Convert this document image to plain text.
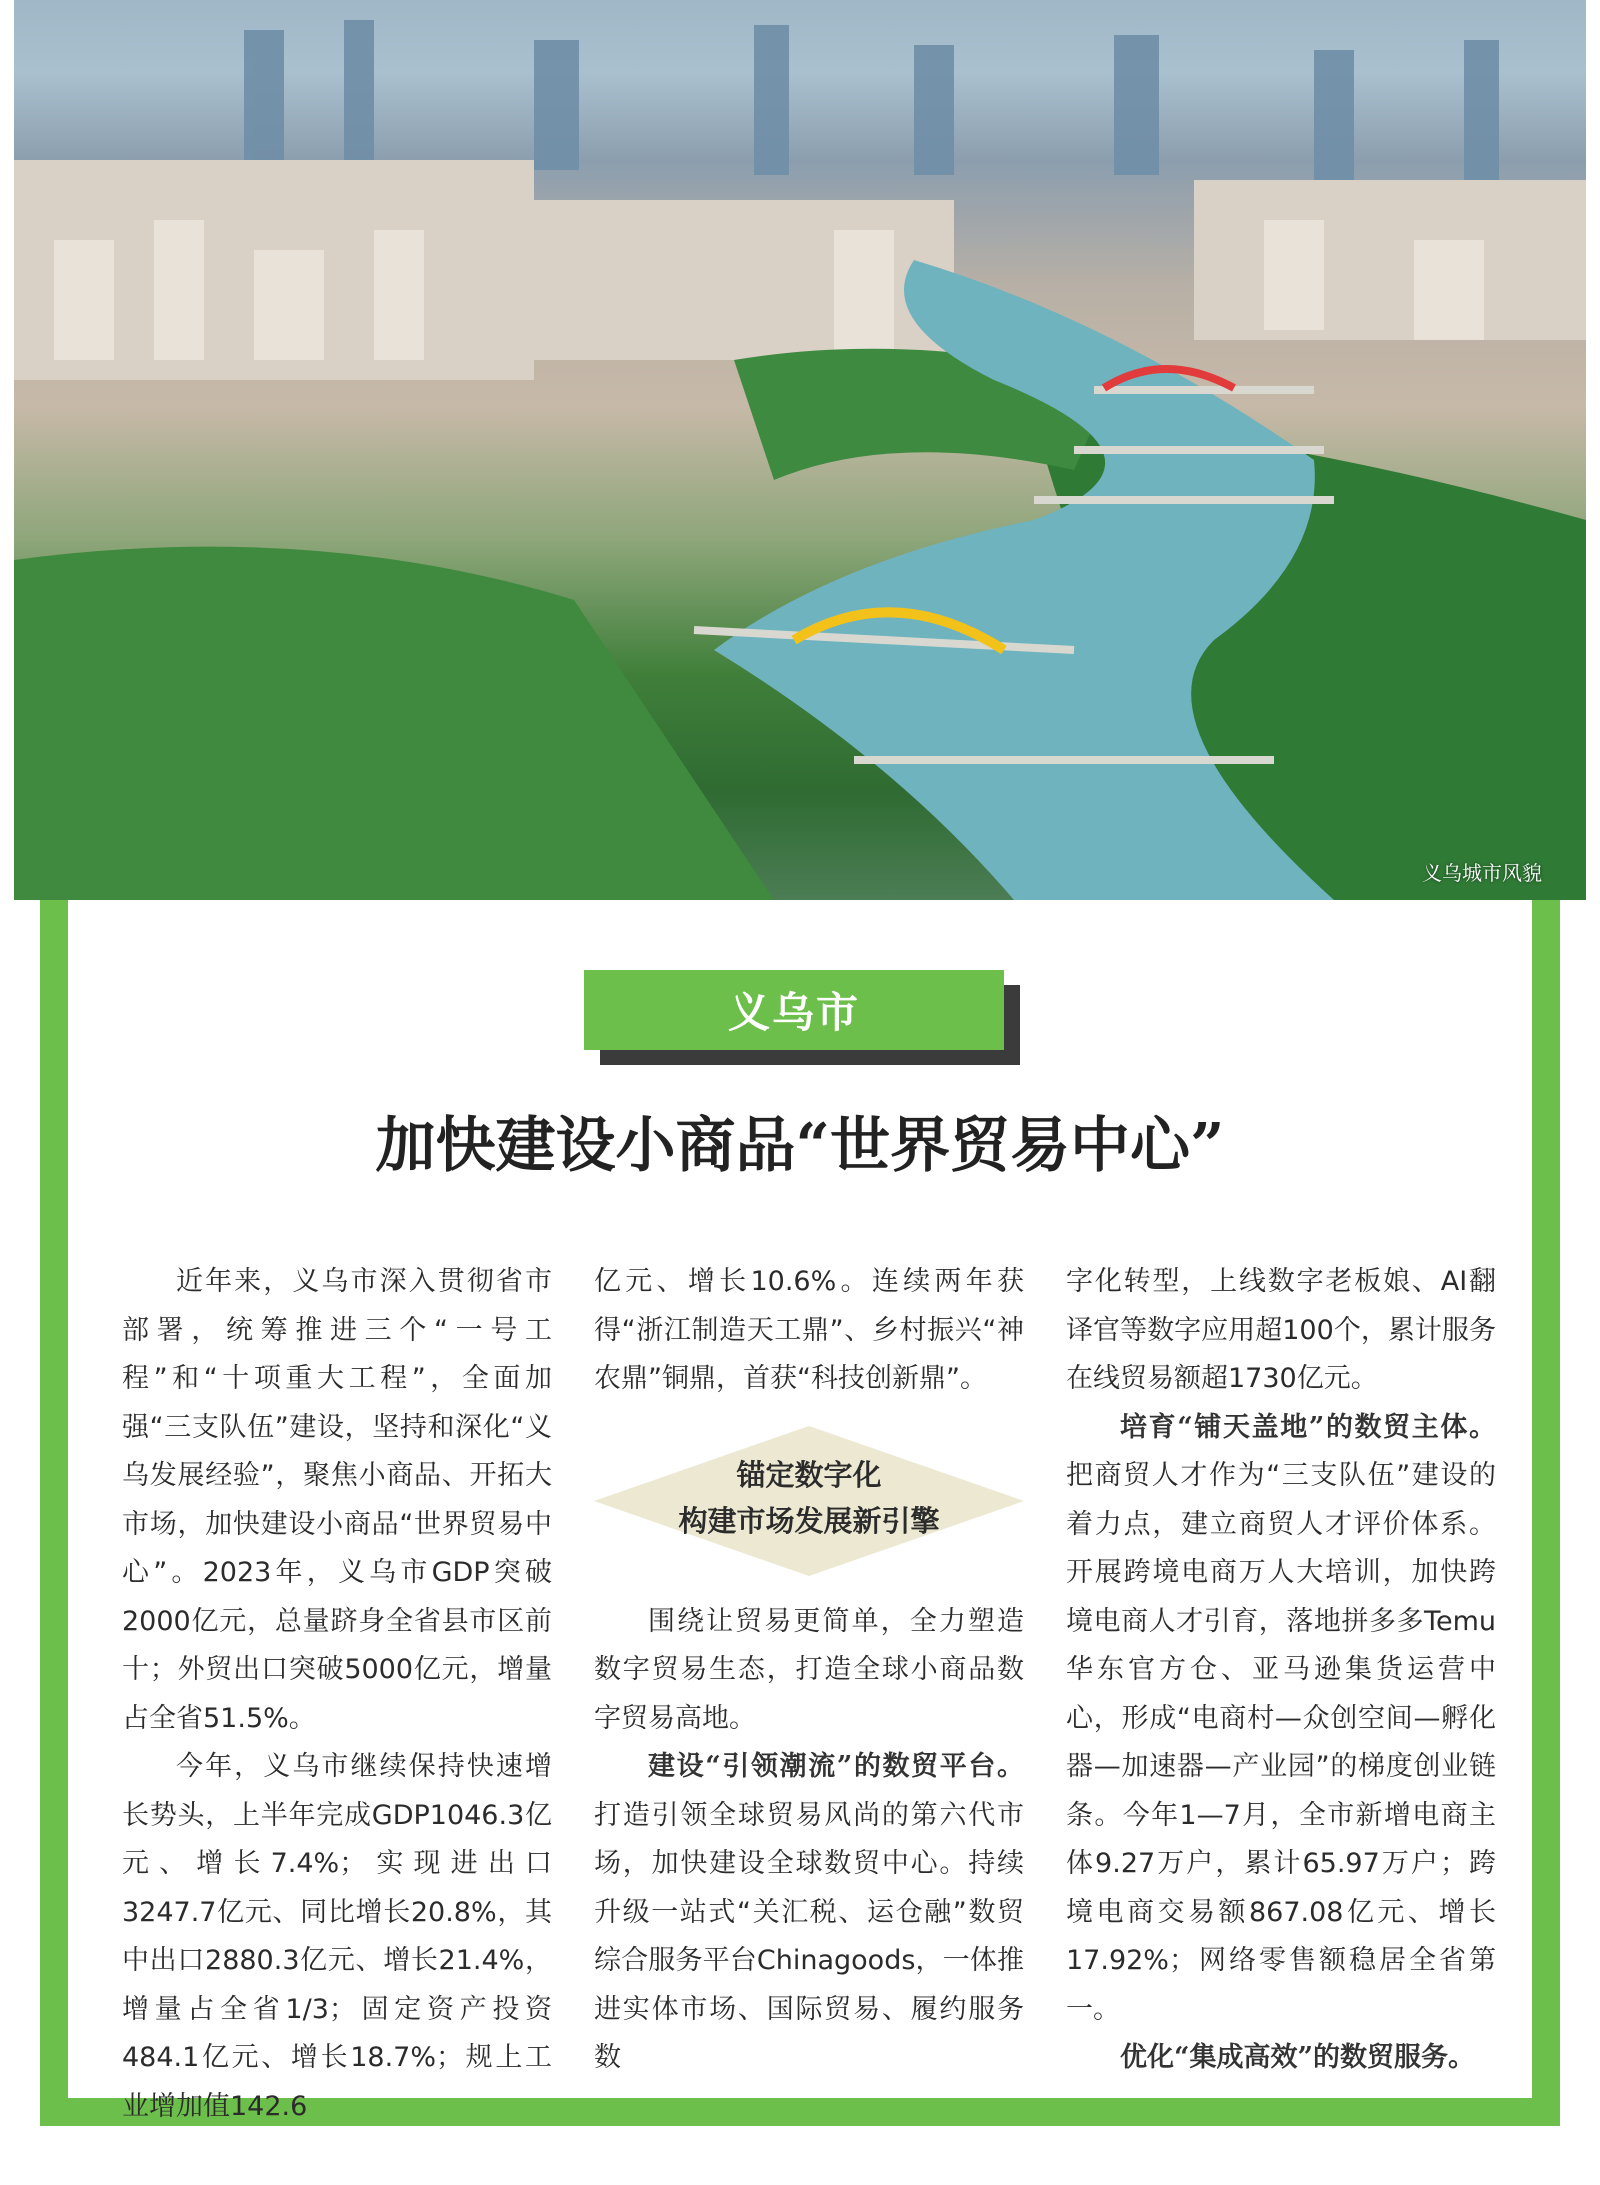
义乌城市风貌
义乌市
加快建设小商品“世界贸易中心”

近年来，义乌市深入贯彻省市部署，统筹推进三个“一号工程”和“十项重大工程”，全面加强“三支队伍”建设，坚持和深化“义乌发展经验”，聚焦小商品、开拓大市场，加快建设小商品“世界贸易中心”。2023年，义乌市GDP突破2000亿元，总量跻身全省县市区前十；外贸出口突破5000亿元，增量占全省51.5%。

今年，义乌市继续保持快速增长势头，上半年完成GDP1046.3亿元、增长7.4%；实现进出口3247.7亿元、同比增长20.8%，其中出口2880.3亿元、增长21.4%，增量占全省1/3；固定资产投资484.1亿元、增长18.7%；规上工业增加值142.6

亿元、增长10.6%。连续两年获得“浙江制造天工鼎”、乡村振兴“神农鼎”铜鼎，首获“科技创新鼎”。

锚定数字化
构建市场发展新引擎

围绕让贸易更简单，全力塑造数字贸易生态，打造全球小商品数字贸易高地。

建设“引领潮流”的数贸平台。打造引领全球贸易风尚的第六代市场，加快建设全球数贸中心。持续升级一站式“关汇税、运仓融”数贸综合服务平台Chinagoods，一体推进实体市场、国际贸易、履约服务数

字化转型，上线数字老板娘、AI翻译官等数字应用超100个，累计服务在线贸易额超1730亿元。

培育“铺天盖地”的数贸主体。把商贸人才作为“三支队伍”建设的着力点，建立商贸人才评价体系。开展跨境电商万人大培训，加快跨境电商人才引育，落地拼多多Temu华东官方仓、亚马逊集货运营中心，形成“电商村—众创空间—孵化器—加速器—产业园”的梯度创业链条。今年1—7月，全市新增电商主体9.27万户，累计65.97万户；跨境电商交易额867.08亿元、增长17.92%；网络零售额稳居全省第一。

优化“集成高效”的数贸服务。
